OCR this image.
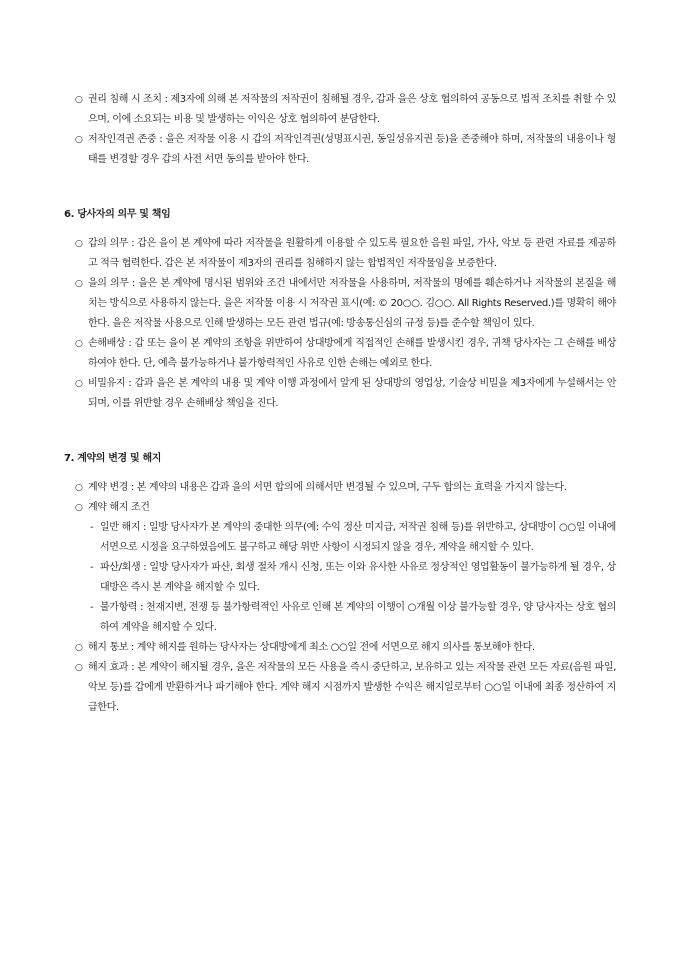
○ 권리 침해 시 조치 : 제3자에 의해 본 저작물의 저작권이 침해될 경우, 갑과 을은 상호 협의하여 공동으로 법적 조치를 취할 수 있으며, 이에 소요되는 비용 및 발생하는 이익은 상호 협의하여 분담한다.
○ 저작인격권 존중 : 을은 저작물 이용 시 갑의 저작인격권(성명표시권, 동일성유지권 등)을 존중해야 하며, 저작물의 내용이나 형태를 변경할 경우 갑의 사전 서면 동의를 받아야 한다.
6. 당사자의 의무 및 책임
○ 갑의 의무 : 갑은 을이 본 계약에 따라 저작물을 원활하게 이용할 수 있도록 필요한 음원 파일, 가사, 악보 등 관련 자료를 제공하고 적극 협력한다. 갑은 본 저작물이 제3자의 권리를 침해하지 않는 합법적인 저작물임을 보증한다.
○ 을의 의무 : 을은 본 계약에 명시된 범위와 조건 내에서만 저작물을 사용하며, 저작물의 명예를 훼손하거나 저작물의 본질을 해치는 방식으로 사용하지 않는다. 을은 저작물 이용 시 저작권 표시(예: © 20○○. 김○○. All Rights Reserved.)를 명확히 해야 한다. 을은 저작물 사용으로 인해 발생하는 모든 관련 법규(예: 방송통신심의 규정 등)를 준수할 책임이 있다.
○ 손해배상 : 갑 또는 을이 본 계약의 조항을 위반하여 상대방에게 직접적인 손해를 발생시킨 경우, 귀책 당사자는 그 손해를 배상하여야 한다. 단, 예측 불가능하거나 불가항력적인 사유로 인한 손해는 예외로 한다.
○ 비밀유지 : 갑과 을은 본 계약의 내용 및 계약 이행 과정에서 알게 된 상대방의 영업상, 기술상 비밀을 제3자에게 누설해서는 안 되며, 이를 위반할 경우 손해배상 책임을 진다.
7. 계약의 변경 및 해지
○ 계약 변경 : 본 계약의 내용은 갑과 을의 서면 합의에 의해서만 변경될 수 있으며, 구두 합의는 효력을 가지지 않는다.
○ 계약 해지 조건
- 일반 해지 : 일방 당사자가 본 계약의 중대한 의무(예: 수익 정산 미지급, 저작권 침해 등)를 위반하고, 상대방이 ○○일 이내에 서면으로 시정을 요구하였음에도 불구하고 해당 위반 사항이 시정되지 않을 경우, 계약을 해지할 수 있다.
- 파산/회생 : 일방 당사자가 파산, 회생 절차 개시 신청, 또는 이와 유사한 사유로 정상적인 영업활동이 불가능하게 될 경우, 상대방은 즉시 본 계약을 해지할 수 있다.
- 불가항력 : 천재지변, 전쟁 등 불가항력적인 사유로 인해 본 계약의 이행이 ○개월 이상 불가능할 경우, 양 당사자는 상호 협의하여 계약을 해지할 수 있다.
○ 해지 통보 : 계약 해지를 원하는 당사자는 상대방에게 최소 ○○일 전에 서면으로 해지 의사를 통보해야 한다.
○ 해지 효과 : 본 계약이 해지될 경우, 을은 저작물의 모든 사용을 즉시 중단하고, 보유하고 있는 저작물 관련 모든 자료(음원 파일, 악보 등)를 갑에게 반환하거나 파기해야 한다. 계약 해지 시점까지 발생한 수익은 해지일로부터 ○○일 이내에 최종 정산하여 지급한다.
